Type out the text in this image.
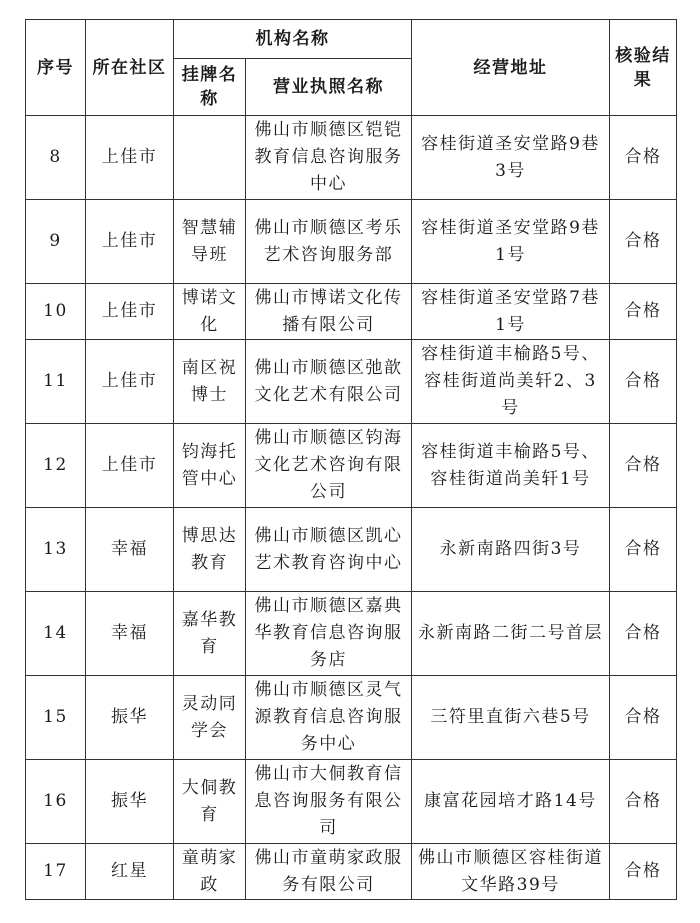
序号	所在社区	机构名称		经营地址	核验结果
		挂牌名称	营业执照名称		
8	上佳市		佛山市顺德区铠铠教育信息咨询服务中心	容桂街道圣安堂路9巷3号	合格
9	上佳市	智慧辅导班	佛山市顺德区考乐艺术咨询服务部	容桂街道圣安堂路9巷1号	合格
10	上佳市	博诺文化	佛山市博诺文化传播有限公司	容桂街道圣安堂路7巷1号	合格
11	上佳市	南区祝博士	佛山市顺德区弛歆文化艺术有限公司	容桂街道丰榆路5号、容桂街道尚美轩2、3号	合格
12	上佳市	钧海托管中心	佛山市顺德区钧海文化艺术咨询有限公司	容桂街道丰榆路5号、容桂街道尚美轩1号	合格
13	幸福	博思达教育	佛山市顺德区凯心艺术教育咨询中心	永新南路四街3号	合格
14	幸福	嘉华教育	佛山市顺德区嘉典华教育信息咨询服务店	永新南路二街二号首层	合格
15	振华	灵动同学会	佛山市顺德区灵气源教育信息咨询服务中心	三符里直街六巷5号	合格
16	振华	大侗教育	佛山市大侗教育信息咨询服务有限公司	康富花园培才路14号	合格
17	红星	童萌家政	佛山市童萌家政服务有限公司	佛山市顺德区容桂街道文华路39号	合格
